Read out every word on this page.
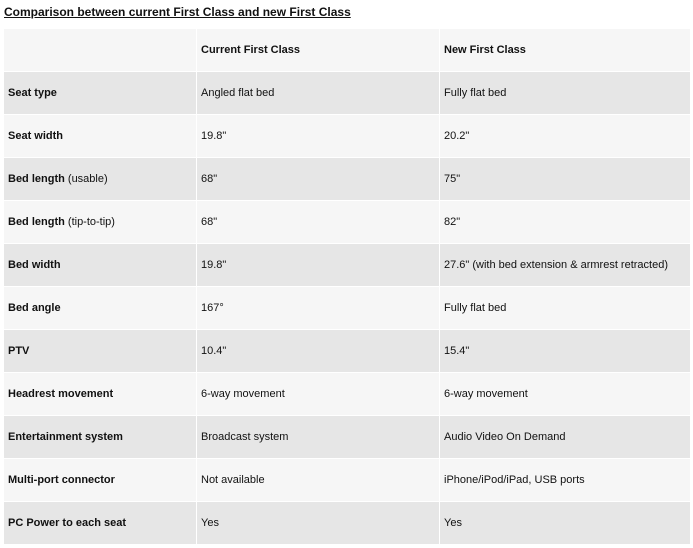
Comparison between current First Class and new First Class
	Current First Class	New First Class
Seat type	Angled flat bed	Fully flat bed
Seat width	19.8"	20.2"
Bed length (usable)	68"	75"
Bed length (tip-to-tip)	68"	82"
Bed width	19.8"	27.6" (with bed extension & armrest retracted)
Bed angle	167°	Fully flat bed
PTV	10.4"	15.4"
Headrest movement	6-way movement	6-way movement
Entertainment system	Broadcast system	Audio Video On Demand
Multi-port connector	Not available	iPhone/iPod/iPad, USB ports
PC Power to each seat	Yes	Yes
